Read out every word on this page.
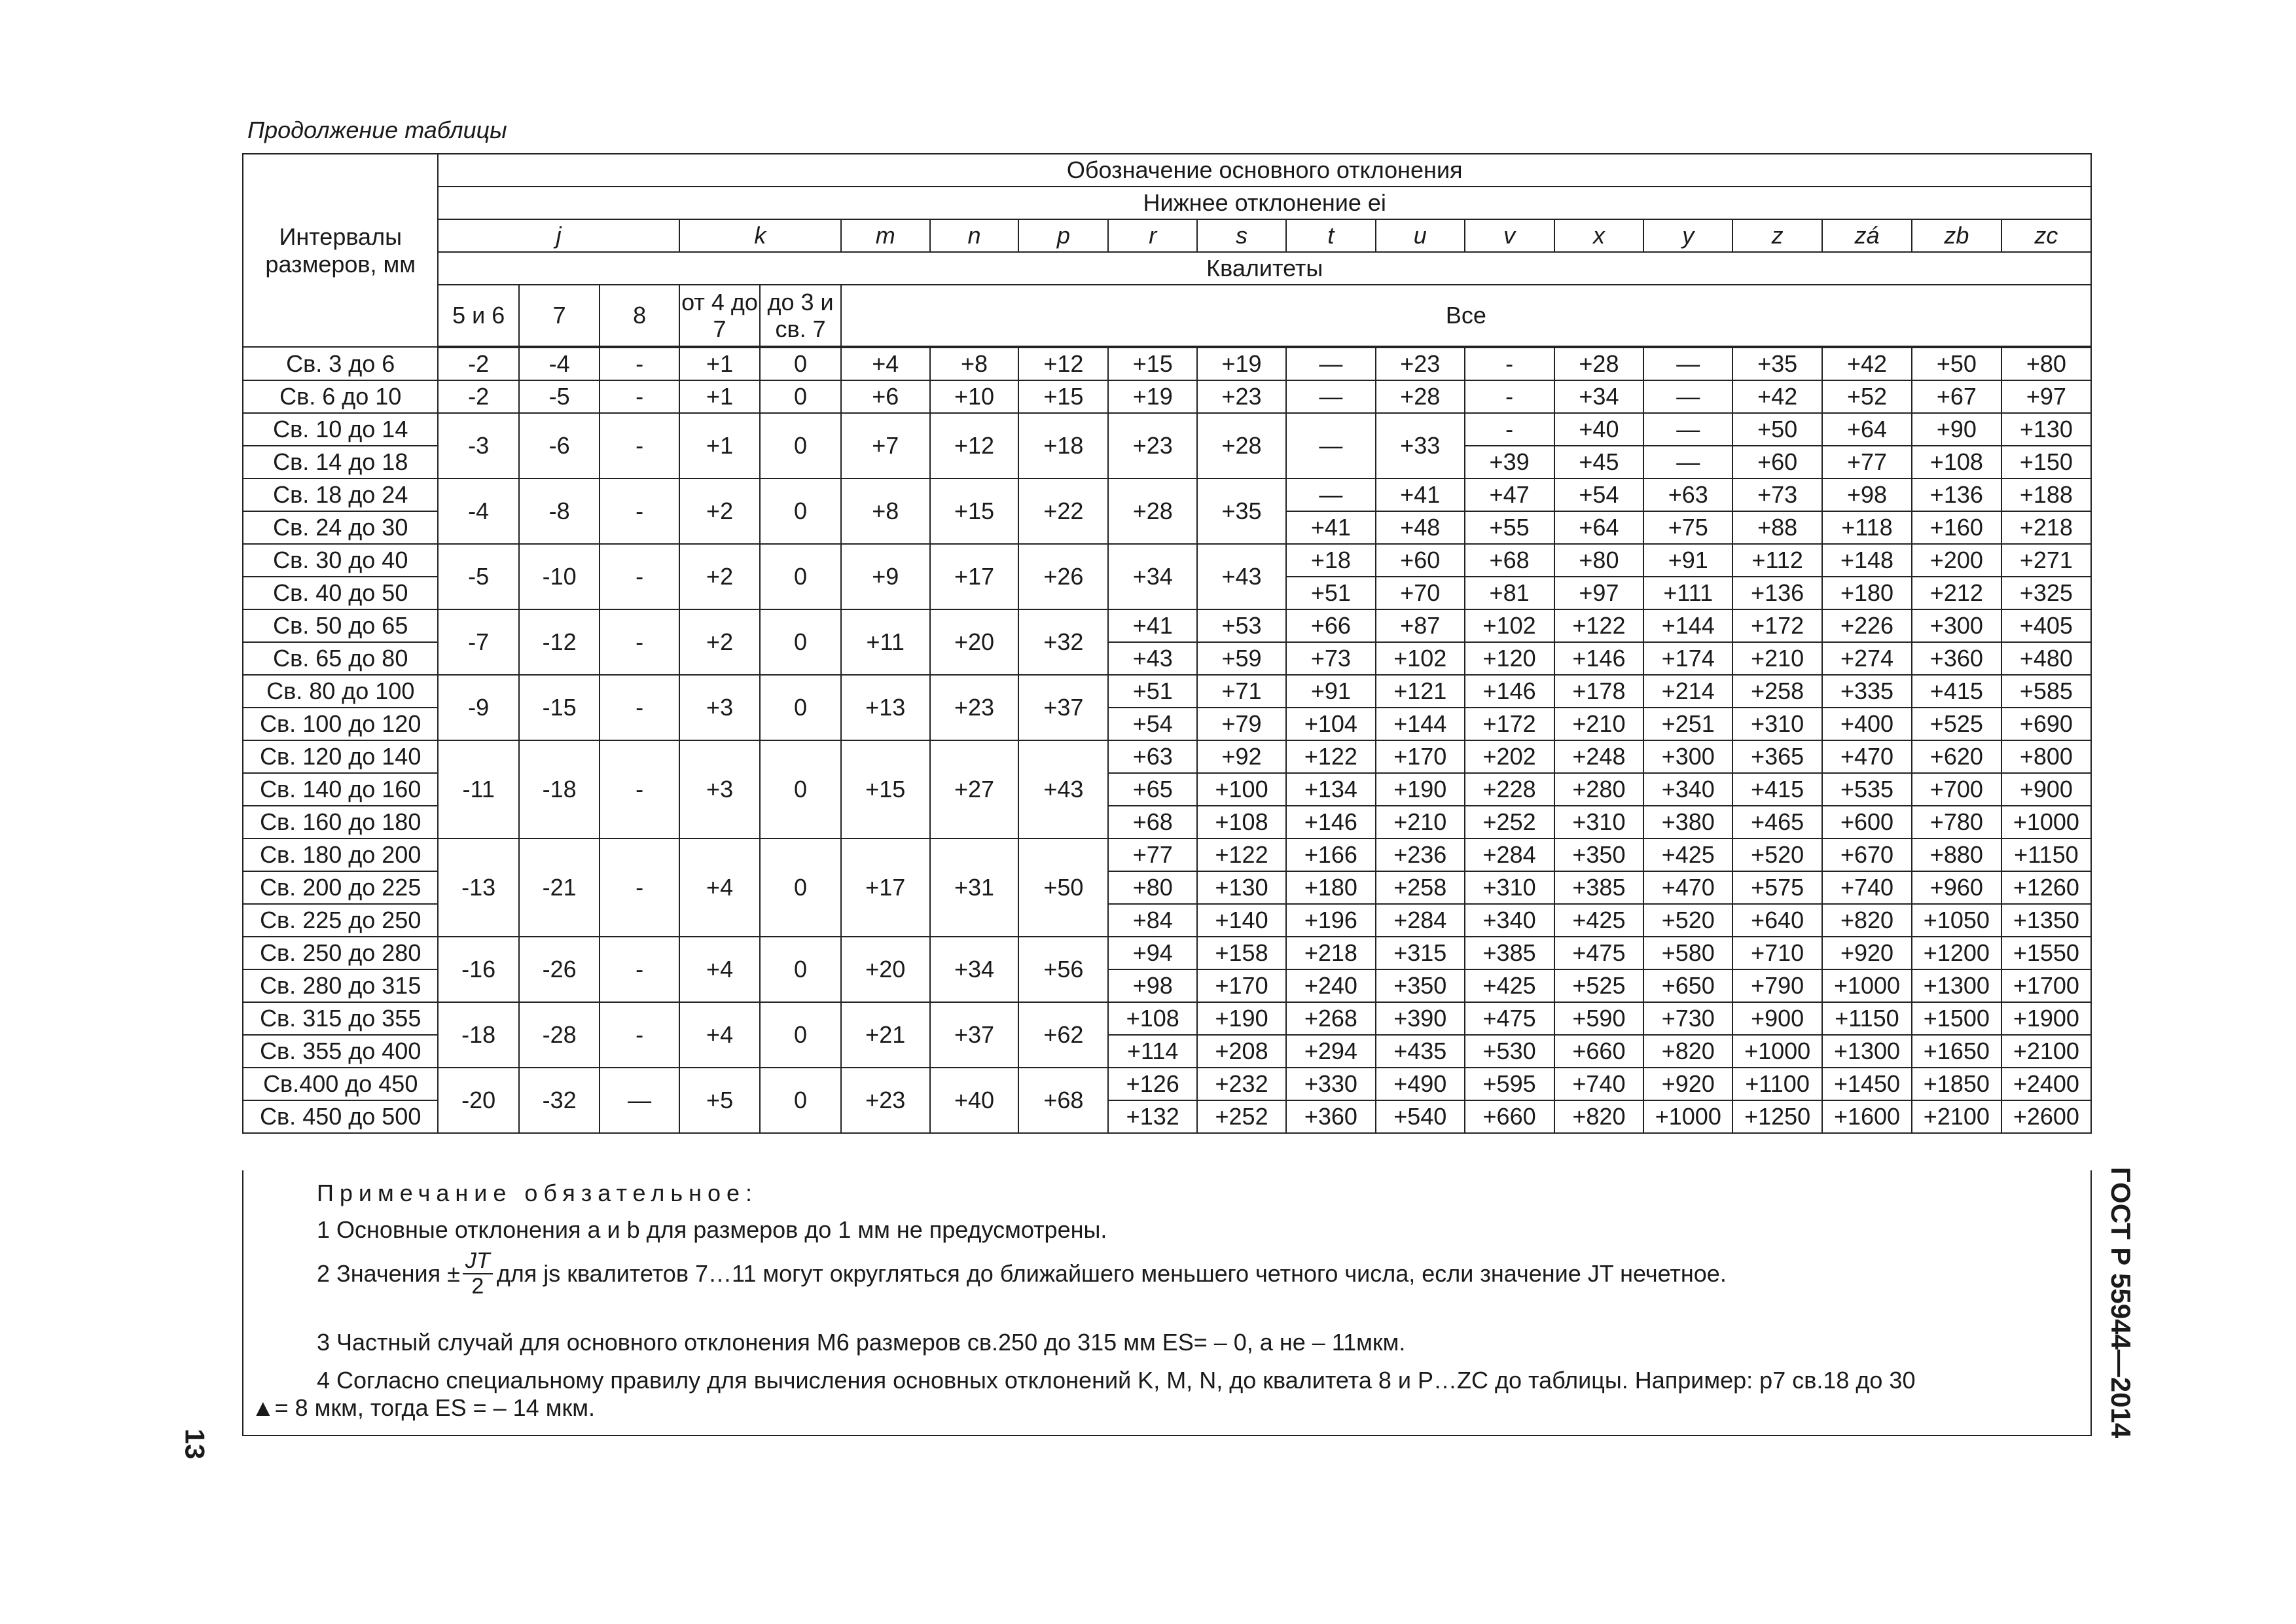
Продолжение таблицы
Интервалы размеров, мм	Обозначение основного отклонения																		
	Нижнее отклонение ei																		
	j			k		m	n	p	r	s	t	u	v	x	y	z	zá	zb	zc
	Квалитеты																		
	5 и 6	7	8	от 4 до 7	до 3 и св. 7	Все													
Св. 3 до 6	-2	-4	-	+1	0	+4	+8	+12	+15	+19	—	+23	-	+28	—	+35	+42	+50	+80
Св. 6 до 10	-2	-5	-	+1	0	+6	+10	+15	+19	+23	—	+28	-	+34	—	+42	+52	+67	+97
Св. 10 до 14	-3	-6	-	+1	0	+7	+12	+18	+23	+28	—	+33	-	+40	—	+50	+64	+90	+130
Св. 14 до 18													+39	+45	—	+60	+77	+108	+150
Св. 18 до 24	-4	-8	-	+2	0	+8	+15	+22	+28	+35	—	+41	+47	+54	+63	+73	+98	+136	+188
Св. 24 до 30											+41	+48	+55	+64	+75	+88	+118	+160	+218
Св. 30 до 40	-5	-10	-	+2	0	+9	+17	+26	+34	+43	+18	+60	+68	+80	+91	+112	+148	+200	+271
Св. 40 до 50											+51	+70	+81	+97	+111	+136	+180	+212	+325
Св. 50 до 65	-7	-12	-	+2	0	+11	+20	+32	+41	+53	+66	+87	+102	+122	+144	+172	+226	+300	+405
Св. 65 до 80									+43	+59	+73	+102	+120	+146	+174	+210	+274	+360	+480
Св. 80 до 100	-9	-15	-	+3	0	+13	+23	+37	+51	+71	+91	+121	+146	+178	+214	+258	+335	+415	+585
Св. 100 до 120									+54	+79	+104	+144	+172	+210	+251	+310	+400	+525	+690
Св. 120 до 140	-11	-18	-	+3	0	+15	+27	+43	+63	+92	+122	+170	+202	+248	+300	+365	+470	+620	+800
Св. 140 до 160									+65	+100	+134	+190	+228	+280	+340	+415	+535	+700	+900
Св. 160 до 180									+68	+108	+146	+210	+252	+310	+380	+465	+600	+780	+1000
Св. 180 до 200	-13	-21	-	+4	0	+17	+31	+50	+77	+122	+166	+236	+284	+350	+425	+520	+670	+880	+1150
Св. 200 до 225									+80	+130	+180	+258	+310	+385	+470	+575	+740	+960	+1260
Св. 225 до 250									+84	+140	+196	+284	+340	+425	+520	+640	+820	+1050	+1350
Св. 250 до 280	-16	-26	-	+4	0	+20	+34	+56	+94	+158	+218	+315	+385	+475	+580	+710	+920	+1200	+1550
Св. 280 до 315									+98	+170	+240	+350	+425	+525	+650	+790	+1000	+1300	+1700
Св. 315 до 355	-18	-28	-	+4	0	+21	+37	+62	+108	+190	+268	+390	+475	+590	+730	+900	+1150	+1500	+1900
Св. 355 до 400									+114	+208	+294	+435	+530	+660	+820	+1000	+1300	+1650	+2100
Св.400 до 450	-20	-32	—	+5	0	+23	+40	+68	+126	+232	+330	+490	+595	+740	+920	+1100	+1450	+1850	+2400
Св. 450 до 500									+132	+252	+360	+540	+660	+820	+1000	+1250	+1600	+2100	+2600
Примечание обязательное:
1 Основные отклонения a и b для размеров до 1 мм не предусмотрены.
2 Значения ± $\frac{JT}{2}$ для js квалитетов 7…11 могут округляться до ближайшего меньшего четного числа, если значение JT нечетное.
3 Частный случай для основного отклонения М6 размеров св.250 до 315 мм ES= – 0, а не – 11мкм.
4 Согласно специальному правилу для вычисления основных отклонений K, M, N, до квалитета 8 и P…ZC до таблицы. Например: p7 св.18 до 30
▲= 8 мкм, тогда ES = – 14 мкм.
13
ГОСТ Р 55944—2014
